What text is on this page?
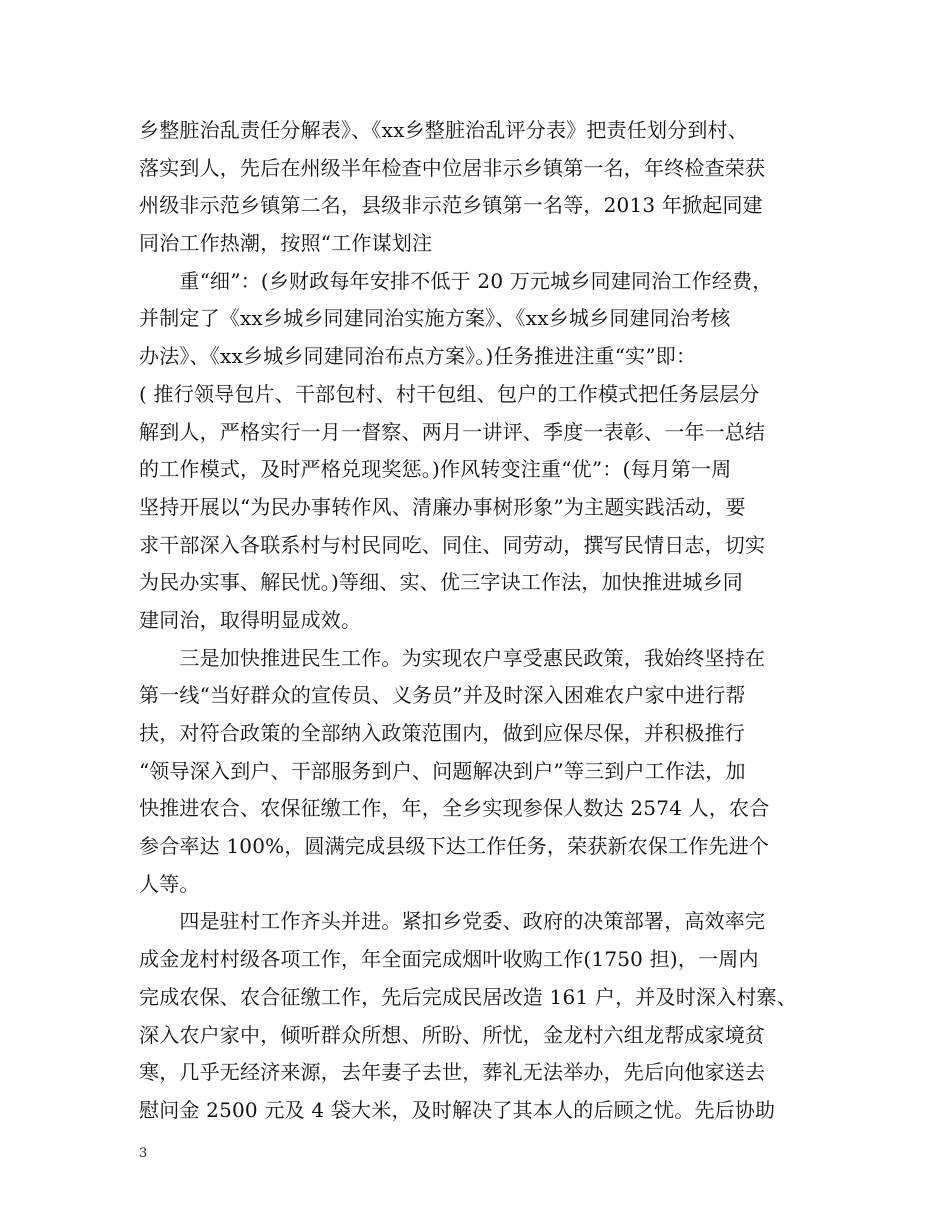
乡整脏治乱责任分解表》、《xx乡整脏治乱评分表》把责任划分到村、
落实到人，先后在州级半年检查中位居非示乡镇第一名，年终检查荣获
州级非示范乡镇第二名，县级非示范乡镇第一名等，2013 年掀起同建
同治工作热潮，按照“工作谋划注

　　重“细”：(乡财政每年安排不低于 20 万元城乡同建同治工作经费，
并制定了《xx乡城乡同建同治实施方案》、《xx乡城乡同建同治考核
办法》、《xx乡城乡同建同治布点方案》。)任务推进注重“实”即：
( 推行领导包片、干部包村、村干包组、包户的工作模式把任务层层分
解到人，严格实行一月一督察、两月一讲评、季度一表彰、一年一总结
的工作模式，及时严格兑现奖惩。)作风转变注重“优”：(每月第一周
坚持开展以“为民办事转作风、清廉办事树形象”为主题实践活动，要
求干部深入各联系村与村民同吃、同住、同劳动，撰写民情日志，切实
为民办实事、解民忧。)等细、实、优三字诀工作法，加快推进城乡同
建同治，取得明显成效。

　　三是加快推进民生工作。为实现农户享受惠民政策，我始终坚持在
第一线“当好群众的宣传员、义务员”并及时深入困难农户家中进行帮
扶，对符合政策的全部纳入政策范围内，做到应保尽保，并积极推行
“领导深入到户、干部服务到户、问题解决到户”等三到户工作法，加
快推进农合、农保征缴工作，年，全乡实现参保人数达 2574 人，农合
参合率达 100%，圆满完成县级下达工作任务，荣获新农保工作先进个
人等。

　　四是驻村工作齐头并进。紧扣乡党委、政府的决策部署，高效率完
成金龙村村级各项工作，年全面完成烟叶收购工作(1750 担)，一周内
完成农保、农合征缴工作，先后完成民居改造 161 户，并及时深入村寨、
深入农户家中，倾听群众所想、所盼、所忧，金龙村六组龙帮成家境贫
寒，几乎无经济来源，去年妻子去世，葬礼无法举办，先后向他家送去
慰问金 2500 元及 4 袋大米，及时解决了其本人的后顾之忧。先后协助

3
